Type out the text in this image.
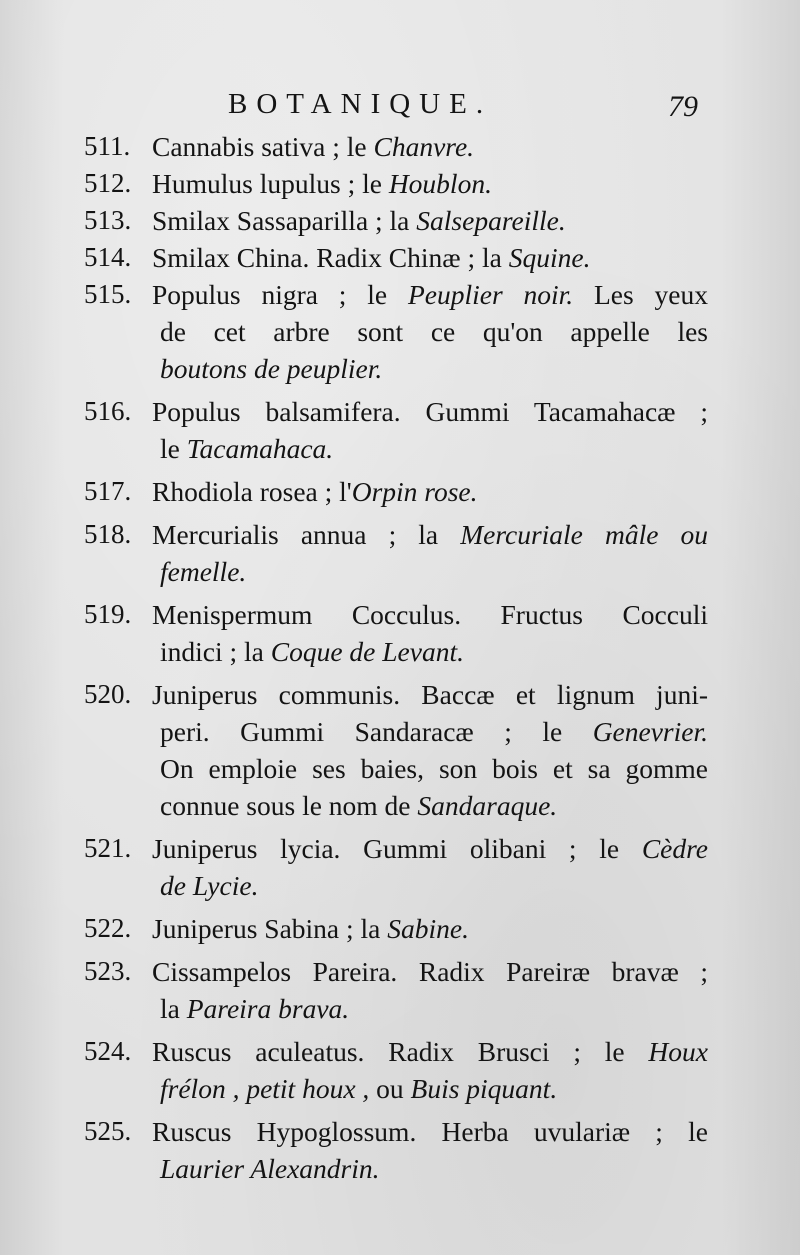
BOTANIQUE.	79
511. Cannabis sativa ; le Chanvre.
512. Humulus lupulus ; le Houblon.
513. Smilax Sassaparilla ; la Salsepareille.
514. Smilax China. Radix Chinæ ; la Squine.
515. Populus nigra ; le Peuplier noir. Les yeux
de cet arbre sont ce qu'on appelle les
boutons de peuplier.
516. Populus balsamifera. Gummi Tacamahacæ ;
le Tacamahaca.
517. Rhodiola rosea ; l'Orpin rose.
518. Mercurialis annua ; la Mercuriale mâle ou
femelle.
519. Menispermum Cocculus. Fructus Cocculi
indici ; la Coque de Levant.
520. Juniperus communis. Baccæ et lignum juni-
peri. Gummi Sandaracæ ; le Genevrier.
On emploie ses baies, son bois et sa gomme
connue sous le nom de Sandaraque.
521. Juniperus lycia. Gummi olibani ; le Cèdre
de Lycie.
522. Juniperus Sabina ; la Sabine.
523. Cissampelos Pareira. Radix Pareiræ bravæ ;
la Pareira brava.
524. Ruscus aculeatus. Radix Brusci ; le Houx
frélon , petit houx , ou Buis piquant.
525. Ruscus Hypoglossum. Herba uvulariæ ; le
Laurier Alexandrin.
